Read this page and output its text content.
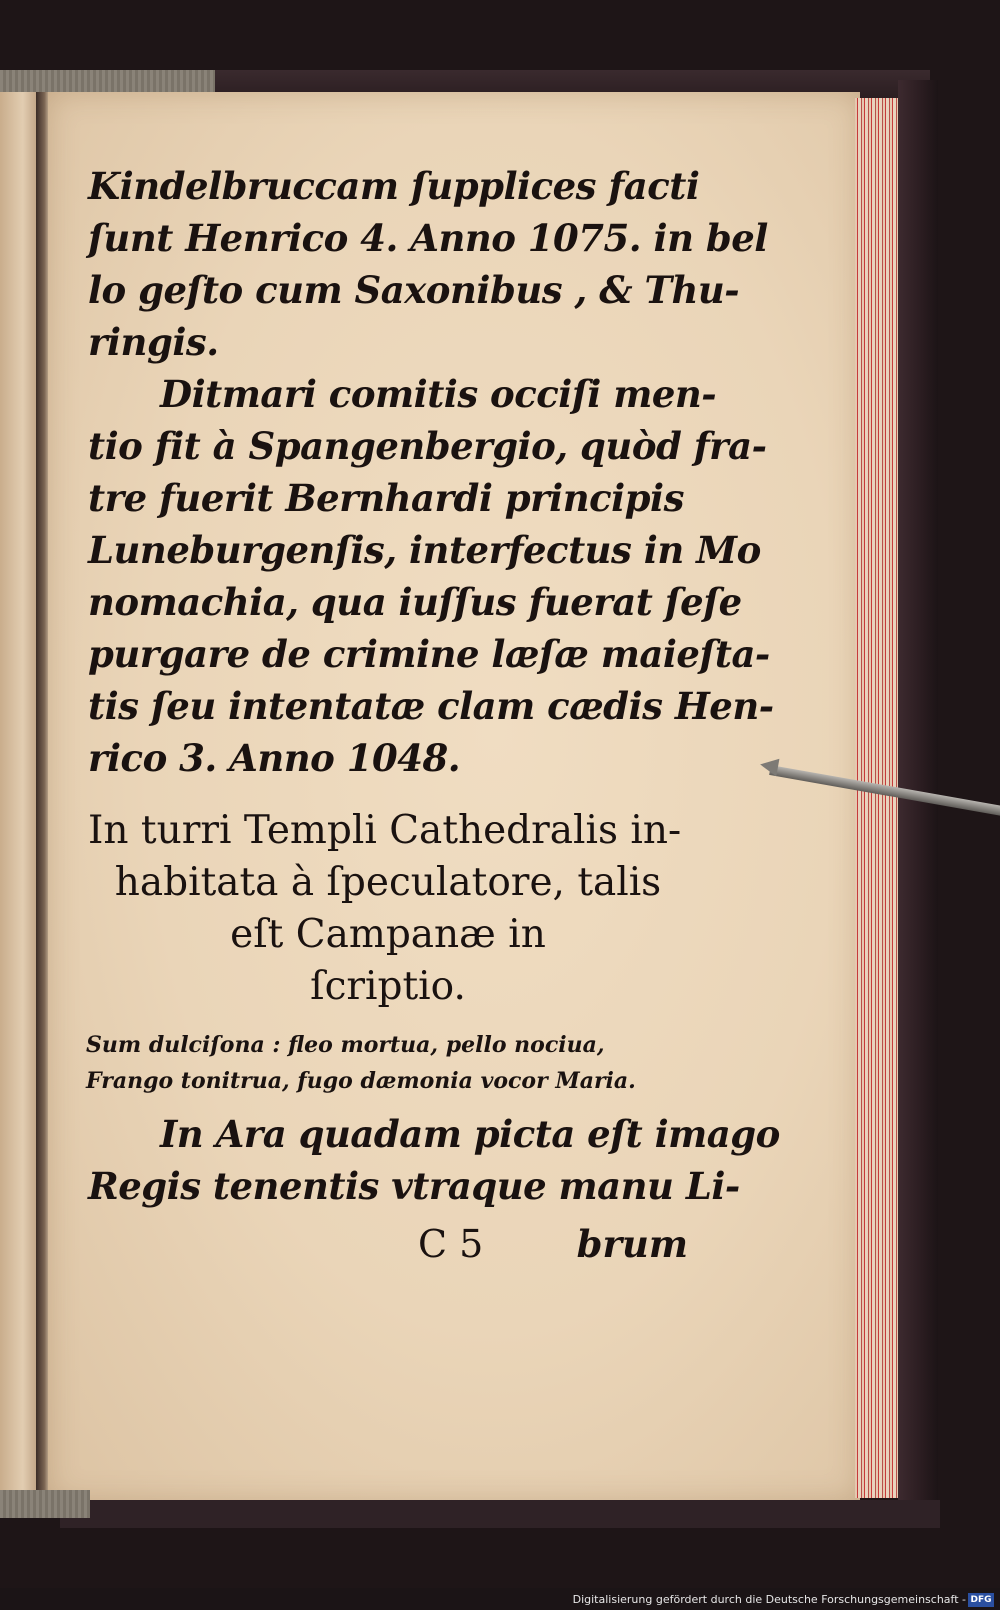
Kindelbruccam ſupplices facti
ſunt Henrico 4. Anno 1075. in bel
lo geſto cum Saxonibus , & Thu-
ringis.
Ditmari comitis occiſi men-
tio fit à Spangenbergio, quòd fra-
tre fuerit Bernhardi principis
Luneburgenſis, interfectus in Mo
nomachia, qua iuſſus fuerat ſeſe
purgare de crimine læſæ maieſta-
tis ſeu intentatæ clam cædis Hen-
rico 3. Anno 1048.
In turri Templi Cathedralis in-
habitata à ſpeculatore, talis
eſt Campanæ in
ſcriptio.
Sum dulciſona : fleo mortua, pello nociua,
Frango tonitrua, fugo dæmonia vocor Maria.
In Ara quadam picta eſt imago
Regis tenentis vtraque manu Li-
C 5	brum
Digitalisierung gefördert durch die Deutsche Forschungsgemeinschaft - DFG
